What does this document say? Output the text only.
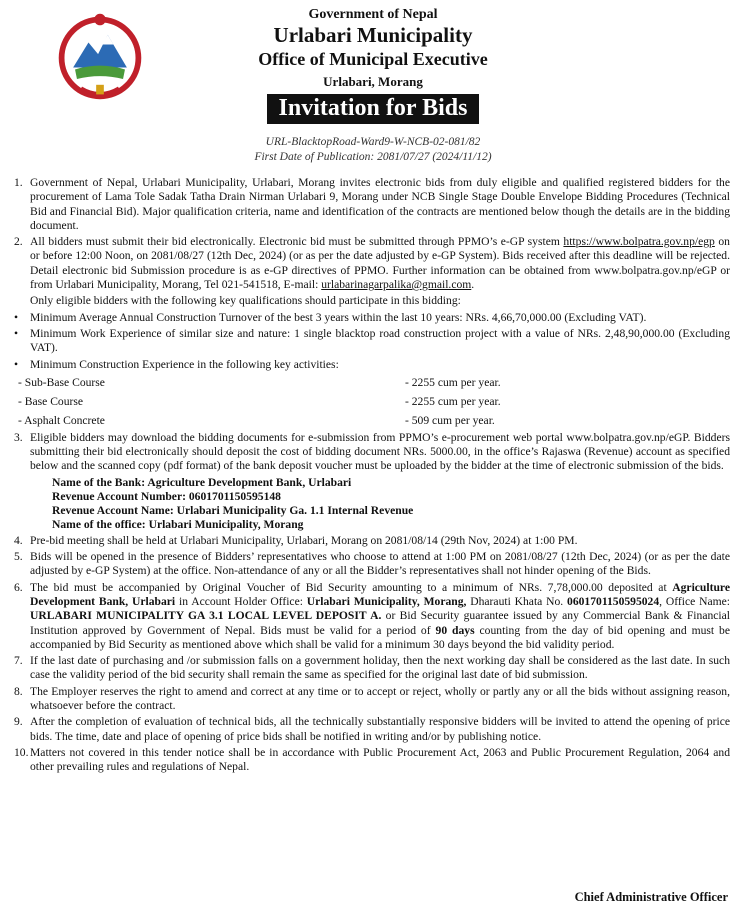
Government of Nepal
Urlabari Municipality
Office of Municipal Executive
Urlabari, Morang
Invitation for Bids
URL-BlacktopRoad-Ward9-W-NCB-02-081/82
First Date of Publication: 2081/07/27 (2024/11/12)
1. Government of Nepal, Urlabari Municipality, Urlabari, Morang invites electronic bids from duly eligible and qualified registered bidders for the procurement of Lama Tole Sadak Tatha Drain Nirman Urlabari 9, Morang under NCB Single Stage Double Envelope Bidding Procedures (Technical Bid and Financial Bid). Major qualification criteria, name and identification of the contracts are mentioned below though the details are in the bidding document.
2. All bidders must submit their bid electronically. Electronic bid must be submitted through PPMO’s e-GP system https://www.bolpatra.gov.np/egp on or before 12:00 Noon, on 2081/08/27 (12th Dec, 2024) (or as per the date adjusted by e-GP System). Bids received after this deadline will be rejected. Detail electronic bid Submission procedure is as e-GP directives of PPMO. Further information can be obtained from www.bolpatra.gov.np/eGP or from Urlabari Municipality, Morang, Tel 021-541518, E-mail: urlabarinagarpalika@gmail.com.
Only eligible bidders with the following key qualifications should participate in this bidding:
•	Minimum Average Annual Construction Turnover of the best 3 years within the last 10 years: NRs. 4,66,70,000.00 (Excluding VAT).
•	Minimum Work Experience of similar size and nature: 1 single blacktop road construction project with a value of NRs. 2,48,90,000.00 (Excluding VAT).
•	Minimum Construction Experience in the following key activities:
- Sub-Base Course	- 2255 cum per year.
- Base Course	- 2255 cum per year.
- Asphalt Concrete	- 509 cum per year.
3. Eligible bidders may download the bidding documents for e-submission from PPMO’s e-procurement web portal www.bolpatra.gov.np/eGP. Bidders submitting their bid electronically should deposit the cost of bidding document NRs. 5000.00, in the office’s Rajaswa (Revenue) account as specified below and the scanned copy (pdf format) of the bank deposit voucher must be uploaded by the bidder at the time of electronic submission of the bids.
Name of the Bank: Agriculture Development Bank, Urlabari
Revenue Account Number: 0601701150595148
Revenue Account Name: Urlabari Municipality Ga. 1.1 Internal Revenue
Name of the office: Urlabari Municipality, Morang
4. Pre-bid meeting shall be held at Urlabari Municipality, Urlabari, Morang on 2081/08/14 (29th Nov, 2024) at 1:00 PM.
5. Bids will be opened in the presence of Bidders’ representatives who choose to attend at 1:00 PM on 2081/08/27 (12th Dec, 2024) (or as per the date adjusted by e-GP System) at the office. Non-attendance of any or all the Bidder’s representatives shall not hinder opening of the Bids.
6. The bid must be accompanied by Original Voucher of Bid Security amounting to a minimum of NRs. 7,78,000.00 deposited at Agriculture Development Bank, Urlabari in Account Holder Office: Urlabari Municipality, Morang, Dharauti Khata No. 0601701150595024, Office Name: URLABARI MUNICIPALITY GA 3.1 LOCAL LEVEL DEPOSIT A. or Bid Security guarantee issued by any Commercial Bank & Financial Institution approved by Government of Nepal. Bids must be valid for a period of 90 days counting from the day of bid opening and must be accompanied by Bid Security as mentioned above which shall be valid for a minimum 30 days beyond the bid validity period.
7. If the last date of purchasing and /or submission falls on a government holiday, then the next working day shall be considered as the last date. In such case the validity period of the bid security shall remain the same as specified for the original last date of bid submission.
8. The Employer reserves the right to amend and correct at any time or to accept or reject, wholly or partly any or all the bids without assigning reason, whatsoever before the contract.
9. After the completion of evaluation of technical bids, all the technically substantially responsive bidders will be invited to attend the opening of price bids. The time, date and place of opening of price bids shall be notified in writing and/or by publishing notice.
10. Matters not covered in this tender notice shall be in accordance with Public Procurement Act, 2063 and Public Procurement Regulation, 2064 and other prevailing rules and regulations of Nepal.
Chief Administrative Officer
